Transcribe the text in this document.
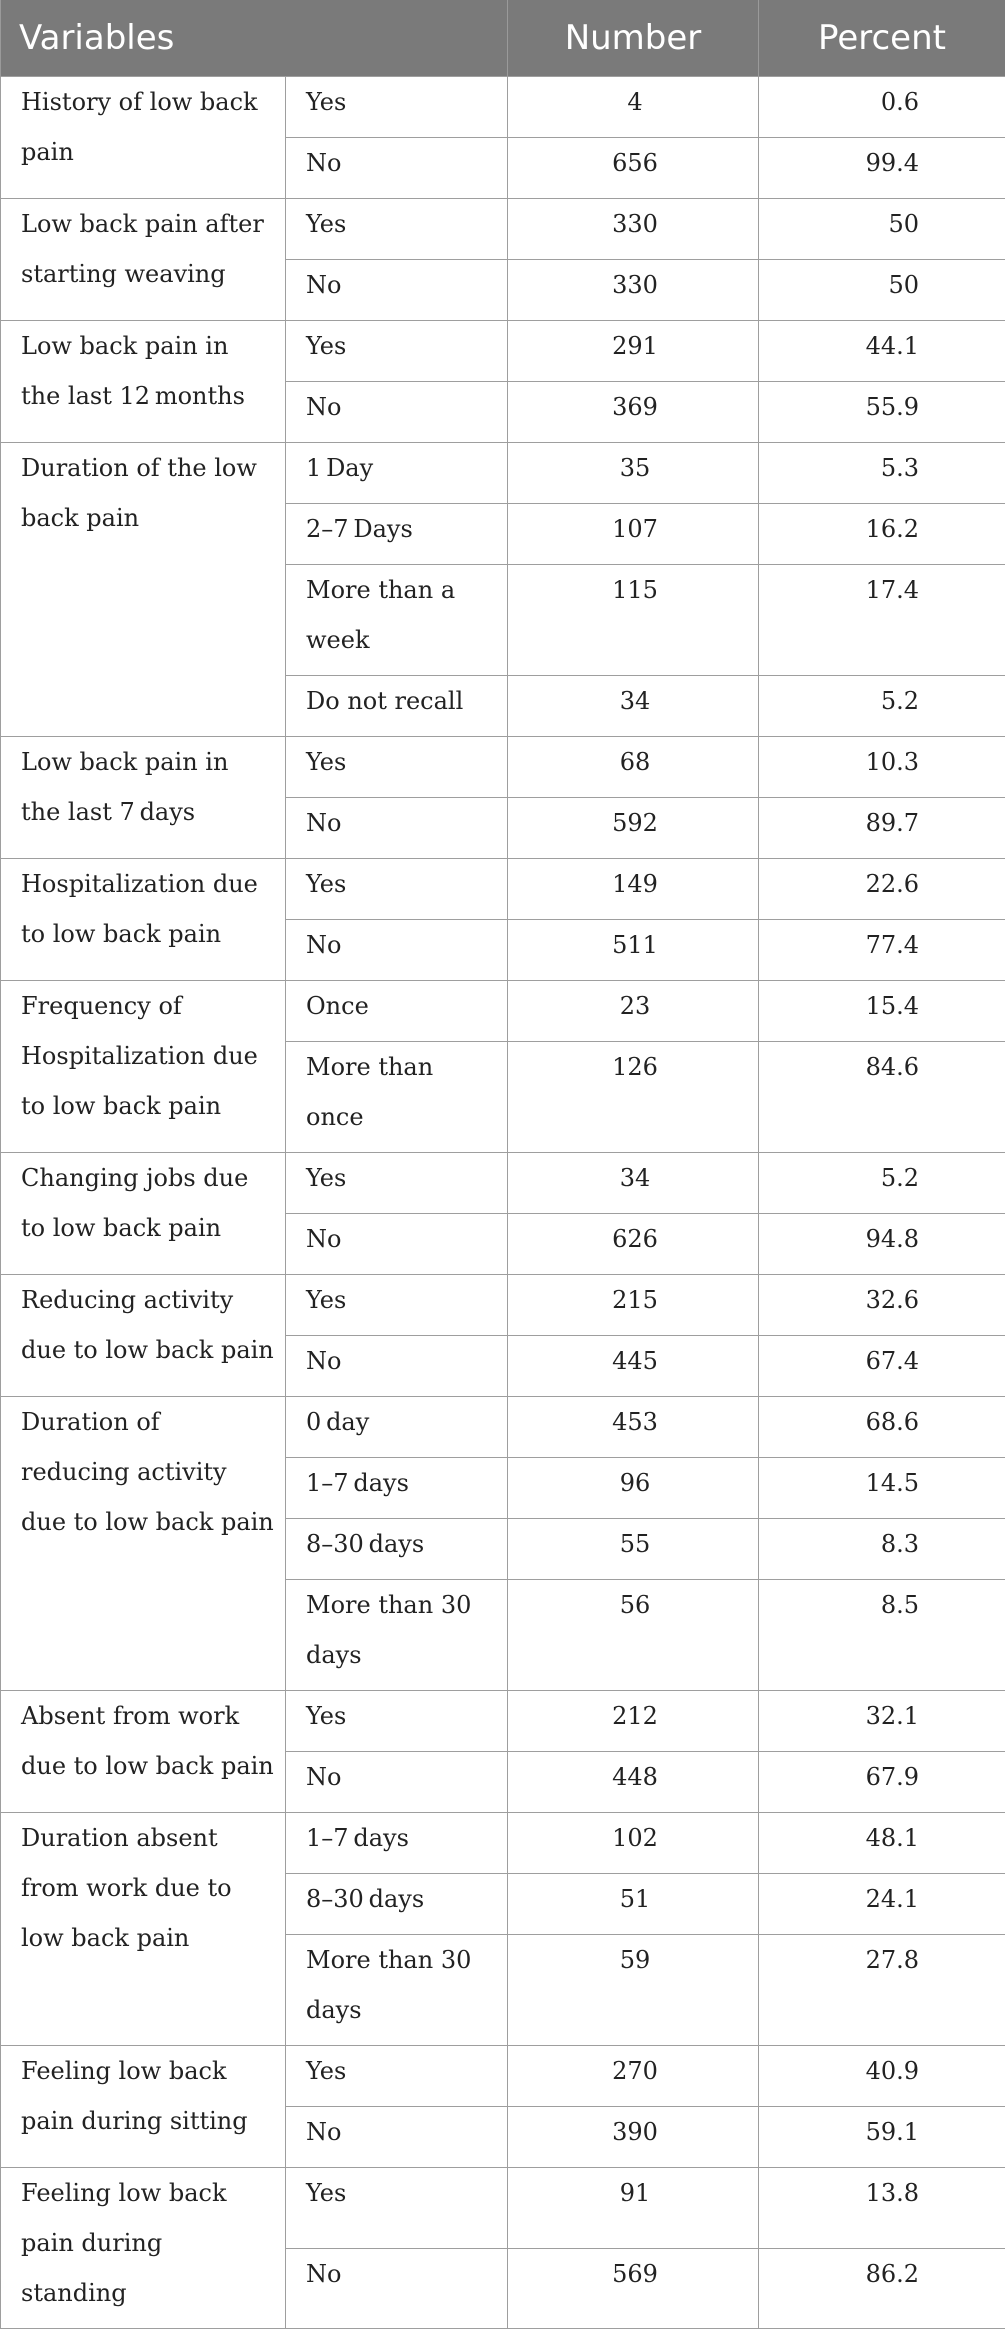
Variables		Number	Percent
History of low back pain	Yes	4	0.6
	No	656	99.4
Low back pain after starting weaving	Yes	330	50
	No	330	50
Low back pain in the last 12 months	Yes	291	44.1
	No	369	55.9
Duration of the low back pain	1 Day	35	5.3
	2–7 Days	107	16.2
	More than a week	115	17.4
	Do not recall	34	5.2
Low back pain in the last 7 days	Yes	68	10.3
	No	592	89.7
Hospitalization due to low back pain	Yes	149	22.6
	No	511	77.4
Frequency of Hospitalization due to low back pain	Once	23	15.4
	More than once	126	84.6
Changing jobs due to low back pain	Yes	34	5.2
	No	626	94.8
Reducing activity due to low back pain	Yes	215	32.6
	No	445	67.4
Duration of reducing activity due to low back pain	0 day	453	68.6
	1–7 days	96	14.5
	8–30 days	55	8.3
	More than 30 days	56	8.5
Absent from work due to low back pain	Yes	212	32.1
	No	448	67.9
Duration absent from work due to low back pain	1–7 days	102	48.1
	8–30 days	51	24.1
	More than 30 days	59	27.8
Feeling low back pain during sitting	Yes	270	40.9
	No	390	59.1
Feeling low back pain during standing	Yes	91	13.8
	No	569	86.2
